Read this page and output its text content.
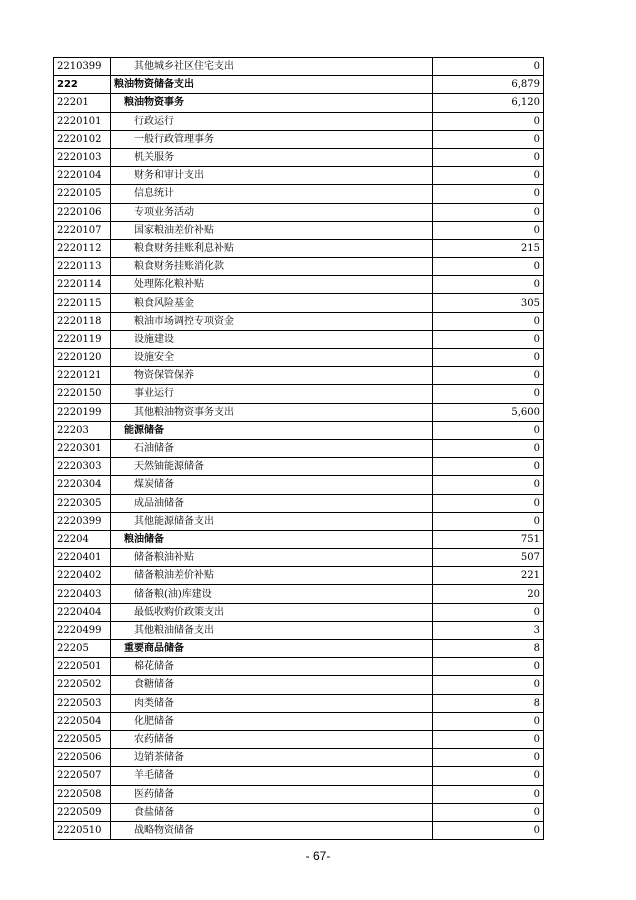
2210399	其他城乡社区住宅支出	0
222	粮油物资储备支出	6,879
22201	粮油物资事务	6,120
2220101	行政运行	0
2220102	一般行政管理事务	0
2220103	机关服务	0
2220104	财务和审计支出	0
2220105	信息统计	0
2220106	专项业务活动	0
2220107	国家粮油差价补贴	0
2220112	粮食财务挂账利息补贴	215
2220113	粮食财务挂账消化款	0
2220114	处理陈化粮补贴	0
2220115	粮食风险基金	305
2220118	粮油市场调控专项资金	0
2220119	设施建设	0
2220120	设施安全	0
2220121	物资保管保养	0
2220150	事业运行	0
2220199	其他粮油物资事务支出	5,600
22203	能源储备	0
2220301	石油储备	0
2220303	天然铀能源储备	0
2220304	煤炭储备	0
2220305	成品油储备	0
2220399	其他能源储备支出	0
22204	粮油储备	751
2220401	储备粮油补贴	507
2220402	储备粮油差价补贴	221
2220403	储备粮(油)库建设	20
2220404	最低收购价政策支出	0
2220499	其他粮油储备支出	3
22205	重要商品储备	8
2220501	棉花储备	0
2220502	食糖储备	0
2220503	肉类储备	8
2220504	化肥储备	0
2220505	农药储备	0
2220506	边销茶储备	0
2220507	羊毛储备	0
2220508	医药储备	0
2220509	食盐储备	0
2220510	战略物资储备	0
- 67-
